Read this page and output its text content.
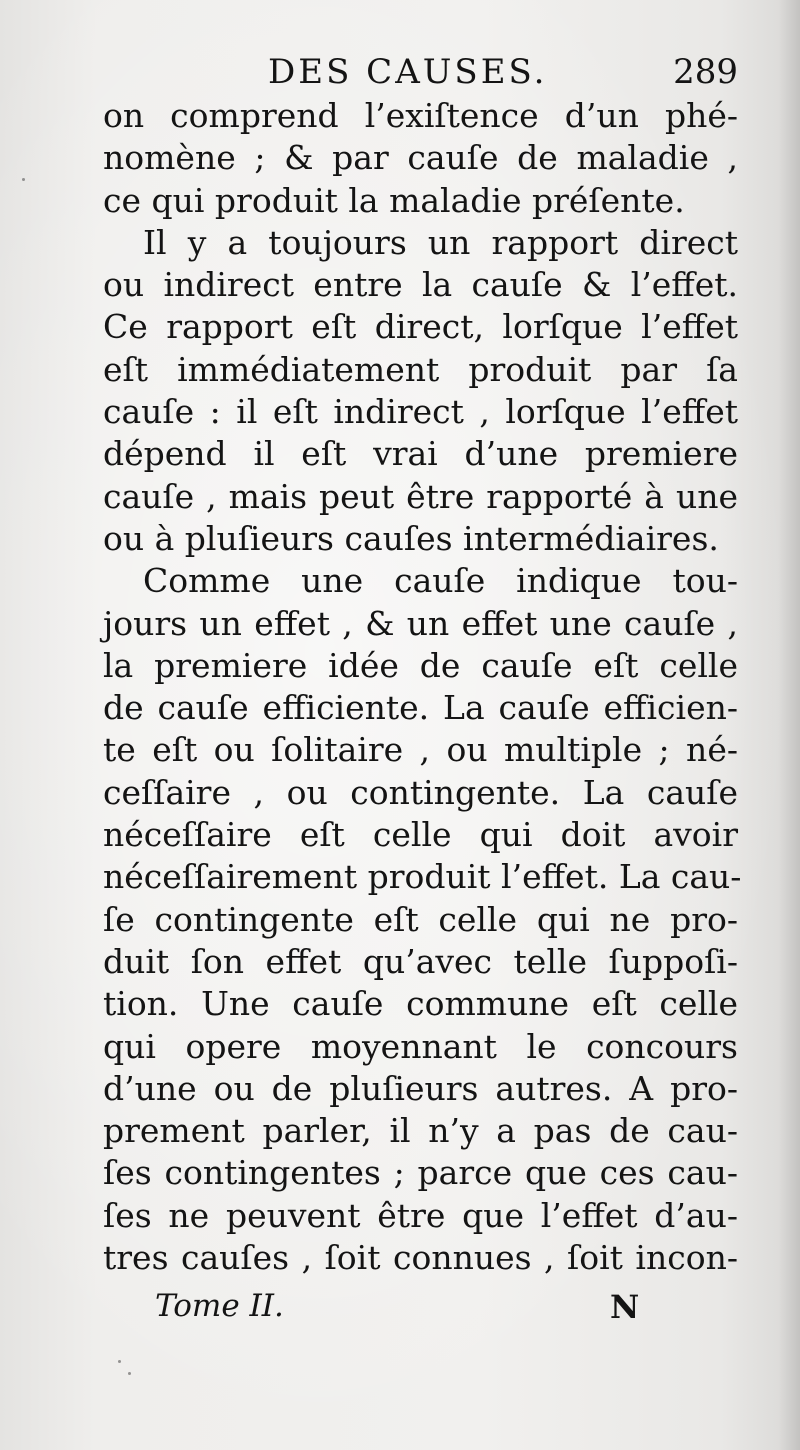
DES CAUSES.	289
on comprend l’exiſtence d’un phé-
nomène ; & par cauſe de maladie ,
ce qui produit la maladie préſente.
Il y a toujours un rapport direct
ou indirect entre la cauſe & l’effet.
Ce rapport eſt direct, lorſque l’effet
eſt immédiatement produit par ſa
cauſe : il eſt indirect , lorſque l’effet
dépend il eſt vrai d’une premiere
cauſe , mais peut être rapporté à une
ou à pluſieurs cauſes intermédiaires.
Comme une cauſe indique tou-
jours un effet , & un effet une cauſe ,
la premiere idée de cauſe eſt celle
de cauſe efficiente. La cauſe efficien-
te eſt ou ſolitaire , ou multiple ; né-
ceſſaire , ou contingente. La cauſe
néceſſaire eſt celle qui doit avoir
néceſſairement produit l’effet. La cau-
ſe contingente eſt celle qui ne pro-
duit ſon effet qu’avec telle ſuppoſi-
tion. Une cauſe commune eſt celle
qui opere moyennant le concours
d’une ou de pluſieurs autres. A pro-
prement parler, il n’y a pas de cau-
ſes contingentes ; parce que ces cau-
ſes ne peuvent être que l’effet d’au-
tres cauſes , ſoit connues , ſoit incon-
Tome II.	N
